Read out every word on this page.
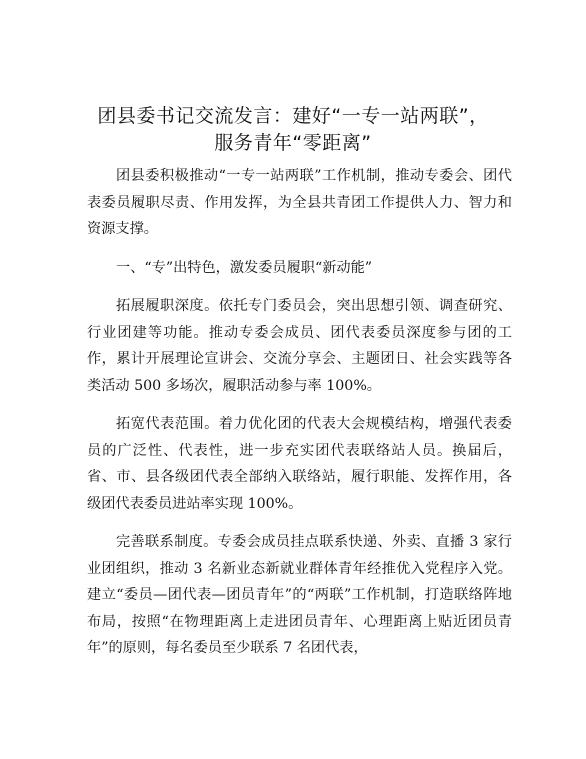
团县委书记交流发言：建好“一专一站两联”，
服务青年“零距离”

团县委积极推动“一专一站两联”工作机制，推动专委会、团代表委员履职尽责、作用发挥，为全县共青团工作提供人力、智力和资源支撑。

一、“专”出特色，激发委员履职“新动能”

拓展履职深度。依托专门委员会，突出思想引领、调查研究、行业团建等功能。推动专委会成员、团代表委员深度参与团的工作，累计开展理论宣讲会、交流分享会、主题团日、社会实践等各类活动 500 多场次，履职活动参与率 100%。

拓宽代表范围。着力优化团的代表大会规模结构，增强代表委员的广泛性、代表性，进一步充实团代表联络站人员。换届后，省、市、县各级团代表全部纳入联络站，履行职能、发挥作用，各级团代表委员进站率实现 100%。

完善联系制度。专委会成员挂点联系快递、外卖、直播 3 家行业团组织，推动 3 名新业态新就业群体青年经推优入党程序入党。建立“委员—团代表—团员青年”的“两联”工作机制，打造联络阵地布局，按照“在物理距离上走进团员青年、心理距离上贴近团员青年”的原则，每名委员至少联系 7 名团代表，
